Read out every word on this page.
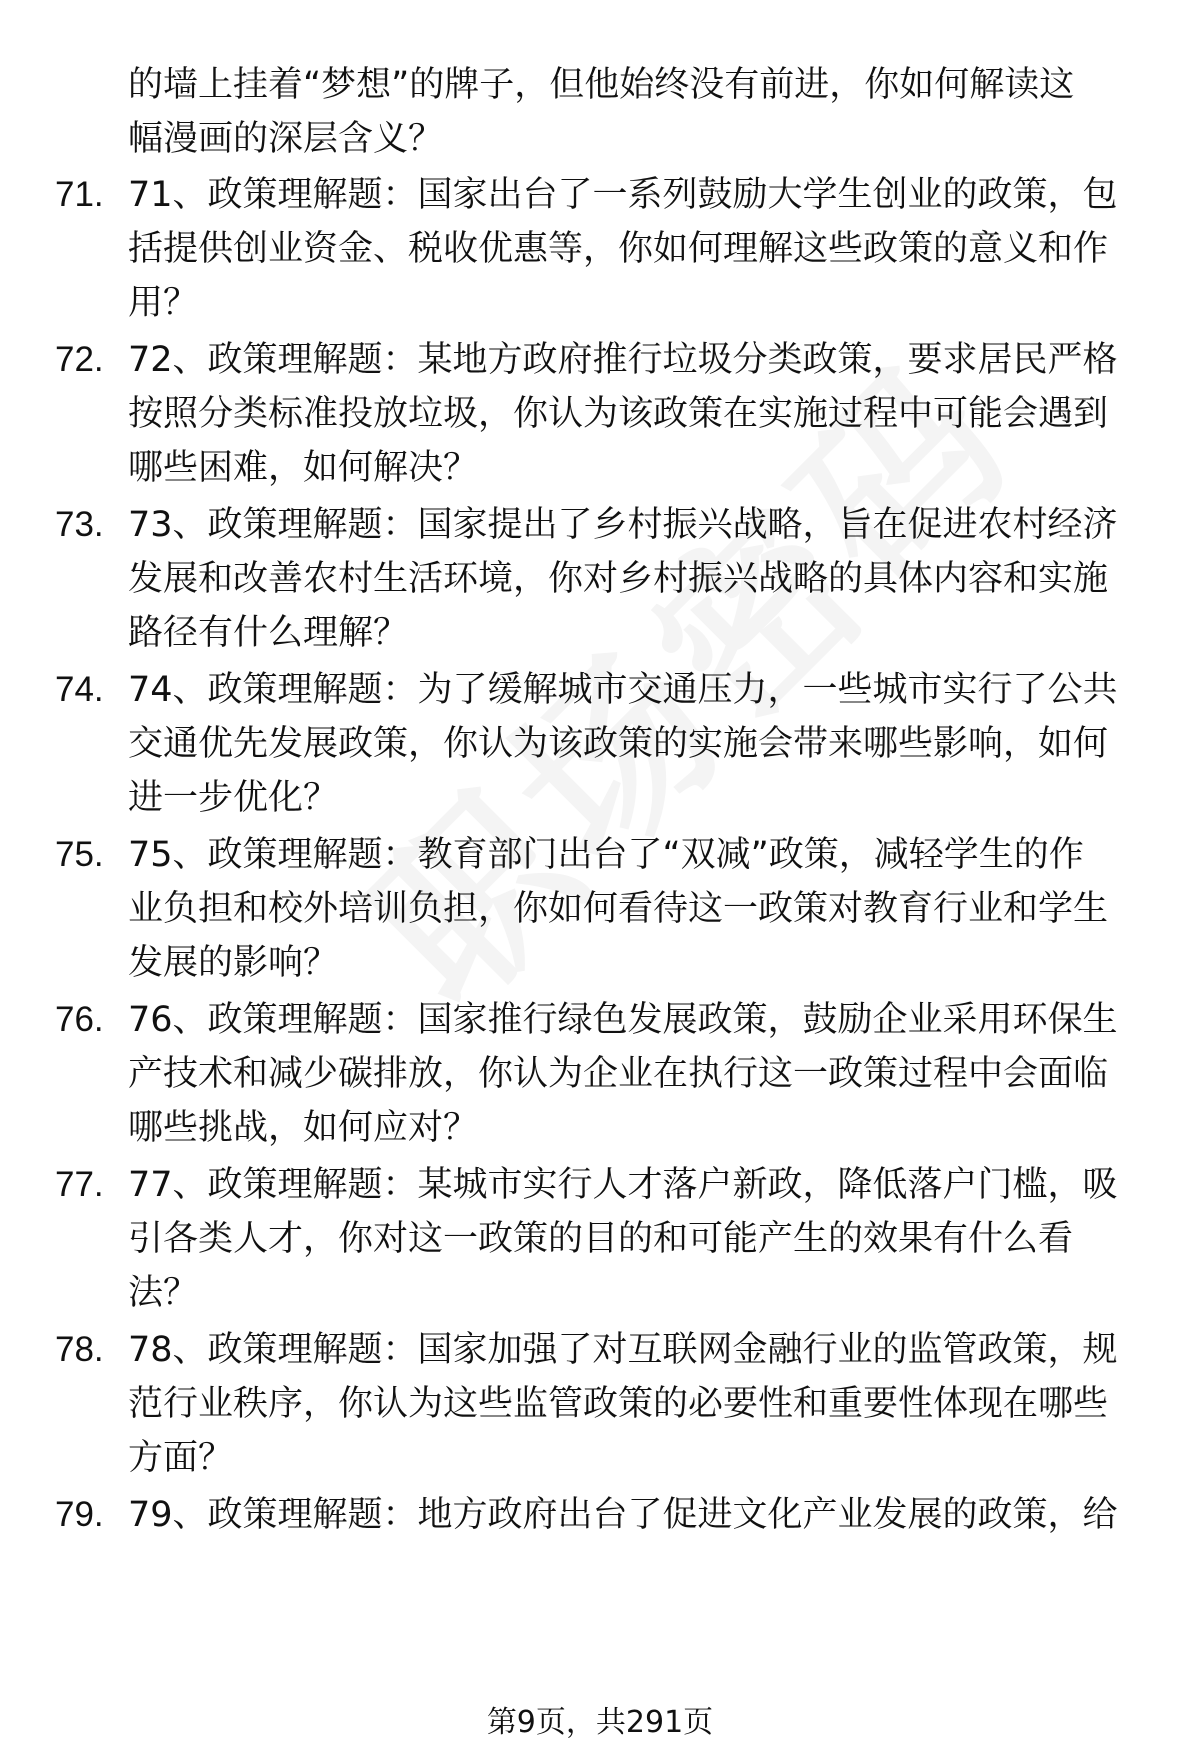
的墙上挂着“梦想”的牌子，但他始终没有前进，你如何解读这
幅漫画的深层含义？
71. 71、政策理解题：国家出台了一系列鼓励大学生创业的政策，包
括提供创业资金、税收优惠等，你如何理解这些政策的意义和作
用？
72. 72、政策理解题：某地方政府推行垃圾分类政策，要求居民严格
按照分类标准投放垃圾，你认为该政策在实施过程中可能会遇到
哪些困难，如何解决？
73. 73、政策理解题：国家提出了乡村振兴战略，旨在促进农村经济
发展和改善农村生活环境，你对乡村振兴战略的具体内容和实施
路径有什么理解？
74. 74、政策理解题：为了缓解城市交通压力，一些城市实行了公共
交通优先发展政策，你认为该政策的实施会带来哪些影响，如何
进一步优化？
75. 75、政策理解题：教育部门出台了“双减”政策，减轻学生的作
业负担和校外培训负担，你如何看待这一政策对教育行业和学生
发展的影响？
76. 76、政策理解题：国家推行绿色发展政策，鼓励企业采用环保生
产技术和减少碳排放，你认为企业在执行这一政策过程中会面临
哪些挑战，如何应对？
77. 77、政策理解题：某城市实行人才落户新政，降低落户门槛，吸
引各类人才，你对这一政策的目的和可能产生的效果有什么看
法？
78. 78、政策理解题：国家加强了对互联网金融行业的监管政策，规
范行业秩序，你认为这些监管政策的必要性和重要性体现在哪些
方面？
79. 79、政策理解题：地方政府出台了促进文化产业发展的政策，给
第9页，共291页
